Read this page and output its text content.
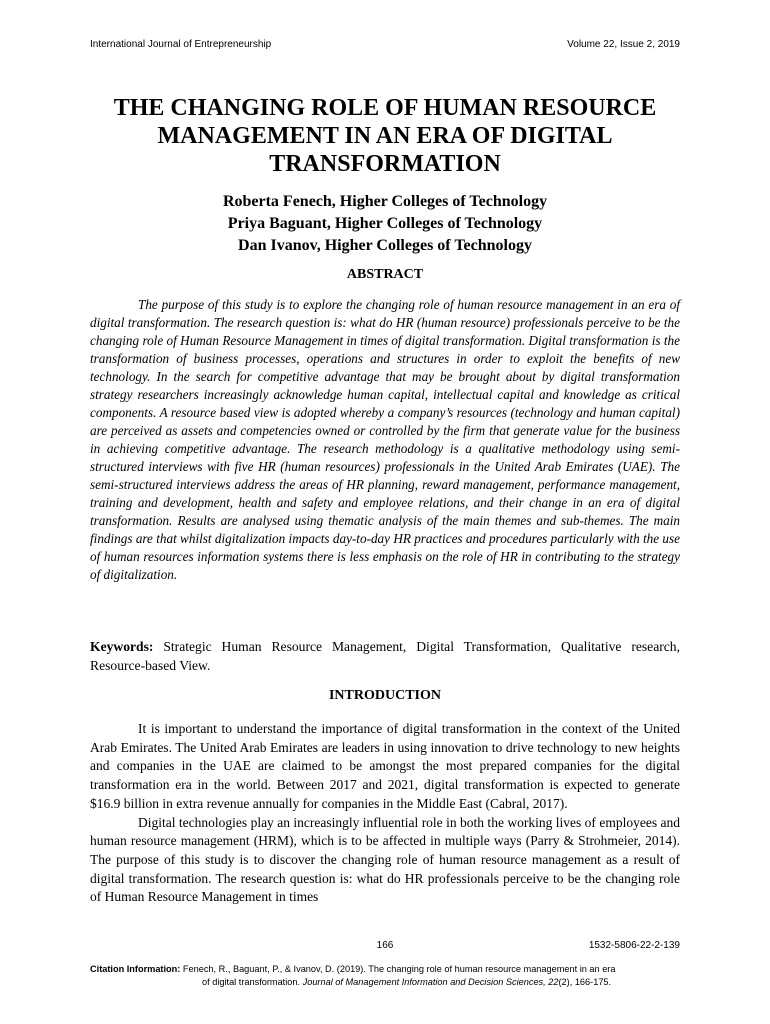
International Journal of Entrepreneurship	Volume 22, Issue 2, 2019
THE CHANGING ROLE OF HUMAN RESOURCE
MANAGEMENT IN AN ERA OF DIGITAL
TRANSFORMATION
Roberta Fenech, Higher Colleges of Technology
Priya Baguant, Higher Colleges of Technology
Dan Ivanov, Higher Colleges of Technology
ABSTRACT
The purpose of this study is to explore the changing role of human resource management in an era of digital transformation. The research question is: what do HR (human resource) professionals perceive to be the changing role of Human Resource Management in times of digital transformation. Digital transformation is the transformation of business processes, operations and structures in order to exploit the benefits of new technology. In the search for competitive advantage that may be brought about by digital transformation strategy researchers increasingly acknowledge human capital, intellectual capital and knowledge as critical components. A resource based view is adopted whereby a company’s resources (technology and human capital) are perceived as assets and competencies owned or controlled by the firm that generate value for the business in achieving competitive advantage. The research methodology is a qualitative methodology using semi-structured interviews with five HR (human resources) professionals in the United Arab Emirates (UAE). The semi-structured interviews address the areas of HR planning, reward management, performance management, training and development, health and safety and employee relations, and their change in an era of digital transformation. Results are analysed using thematic analysis of the main themes and sub-themes. The main findings are that whilst digitalization impacts day-to-day HR practices and procedures particularly with the use of human resources information systems there is less emphasis on the role of HR in contributing to the strategy of digitalization.
Keywords: Strategic Human Resource Management, Digital Transformation, Qualitative research, Resource-based View.
INTRODUCTION

It is important to understand the importance of digital transformation in the context of the United Arab Emirates. The United Arab Emirates are leaders in using innovation to drive technology to new heights and companies in the UAE are claimed to be amongst the most prepared companies for the digital transformation era in the world. Between 2017 and 2021, digital transformation is expected to generate $16.9 billion in extra revenue annually for companies in the Middle East (Cabral, 2017).

Digital technologies play an increasingly influential role in both the working lives of employees and human resource management (HRM), which is to be affected in multiple ways (Parry & Strohmeier, 2014). The purpose of this study is to discover the changing role of human resource management as a result of digital transformation. The research question is: what do HR professionals perceive to be the changing role of Human Resource Management in times

166	1532-5806-22-2-139
Citation Information: Fenech, R., Baguant, P., & Ivanov, D. (2019). The changing role of human resource management in an era
of digital transformation. Journal of Management Information and Decision Sciences, 22(2), 166-175.
